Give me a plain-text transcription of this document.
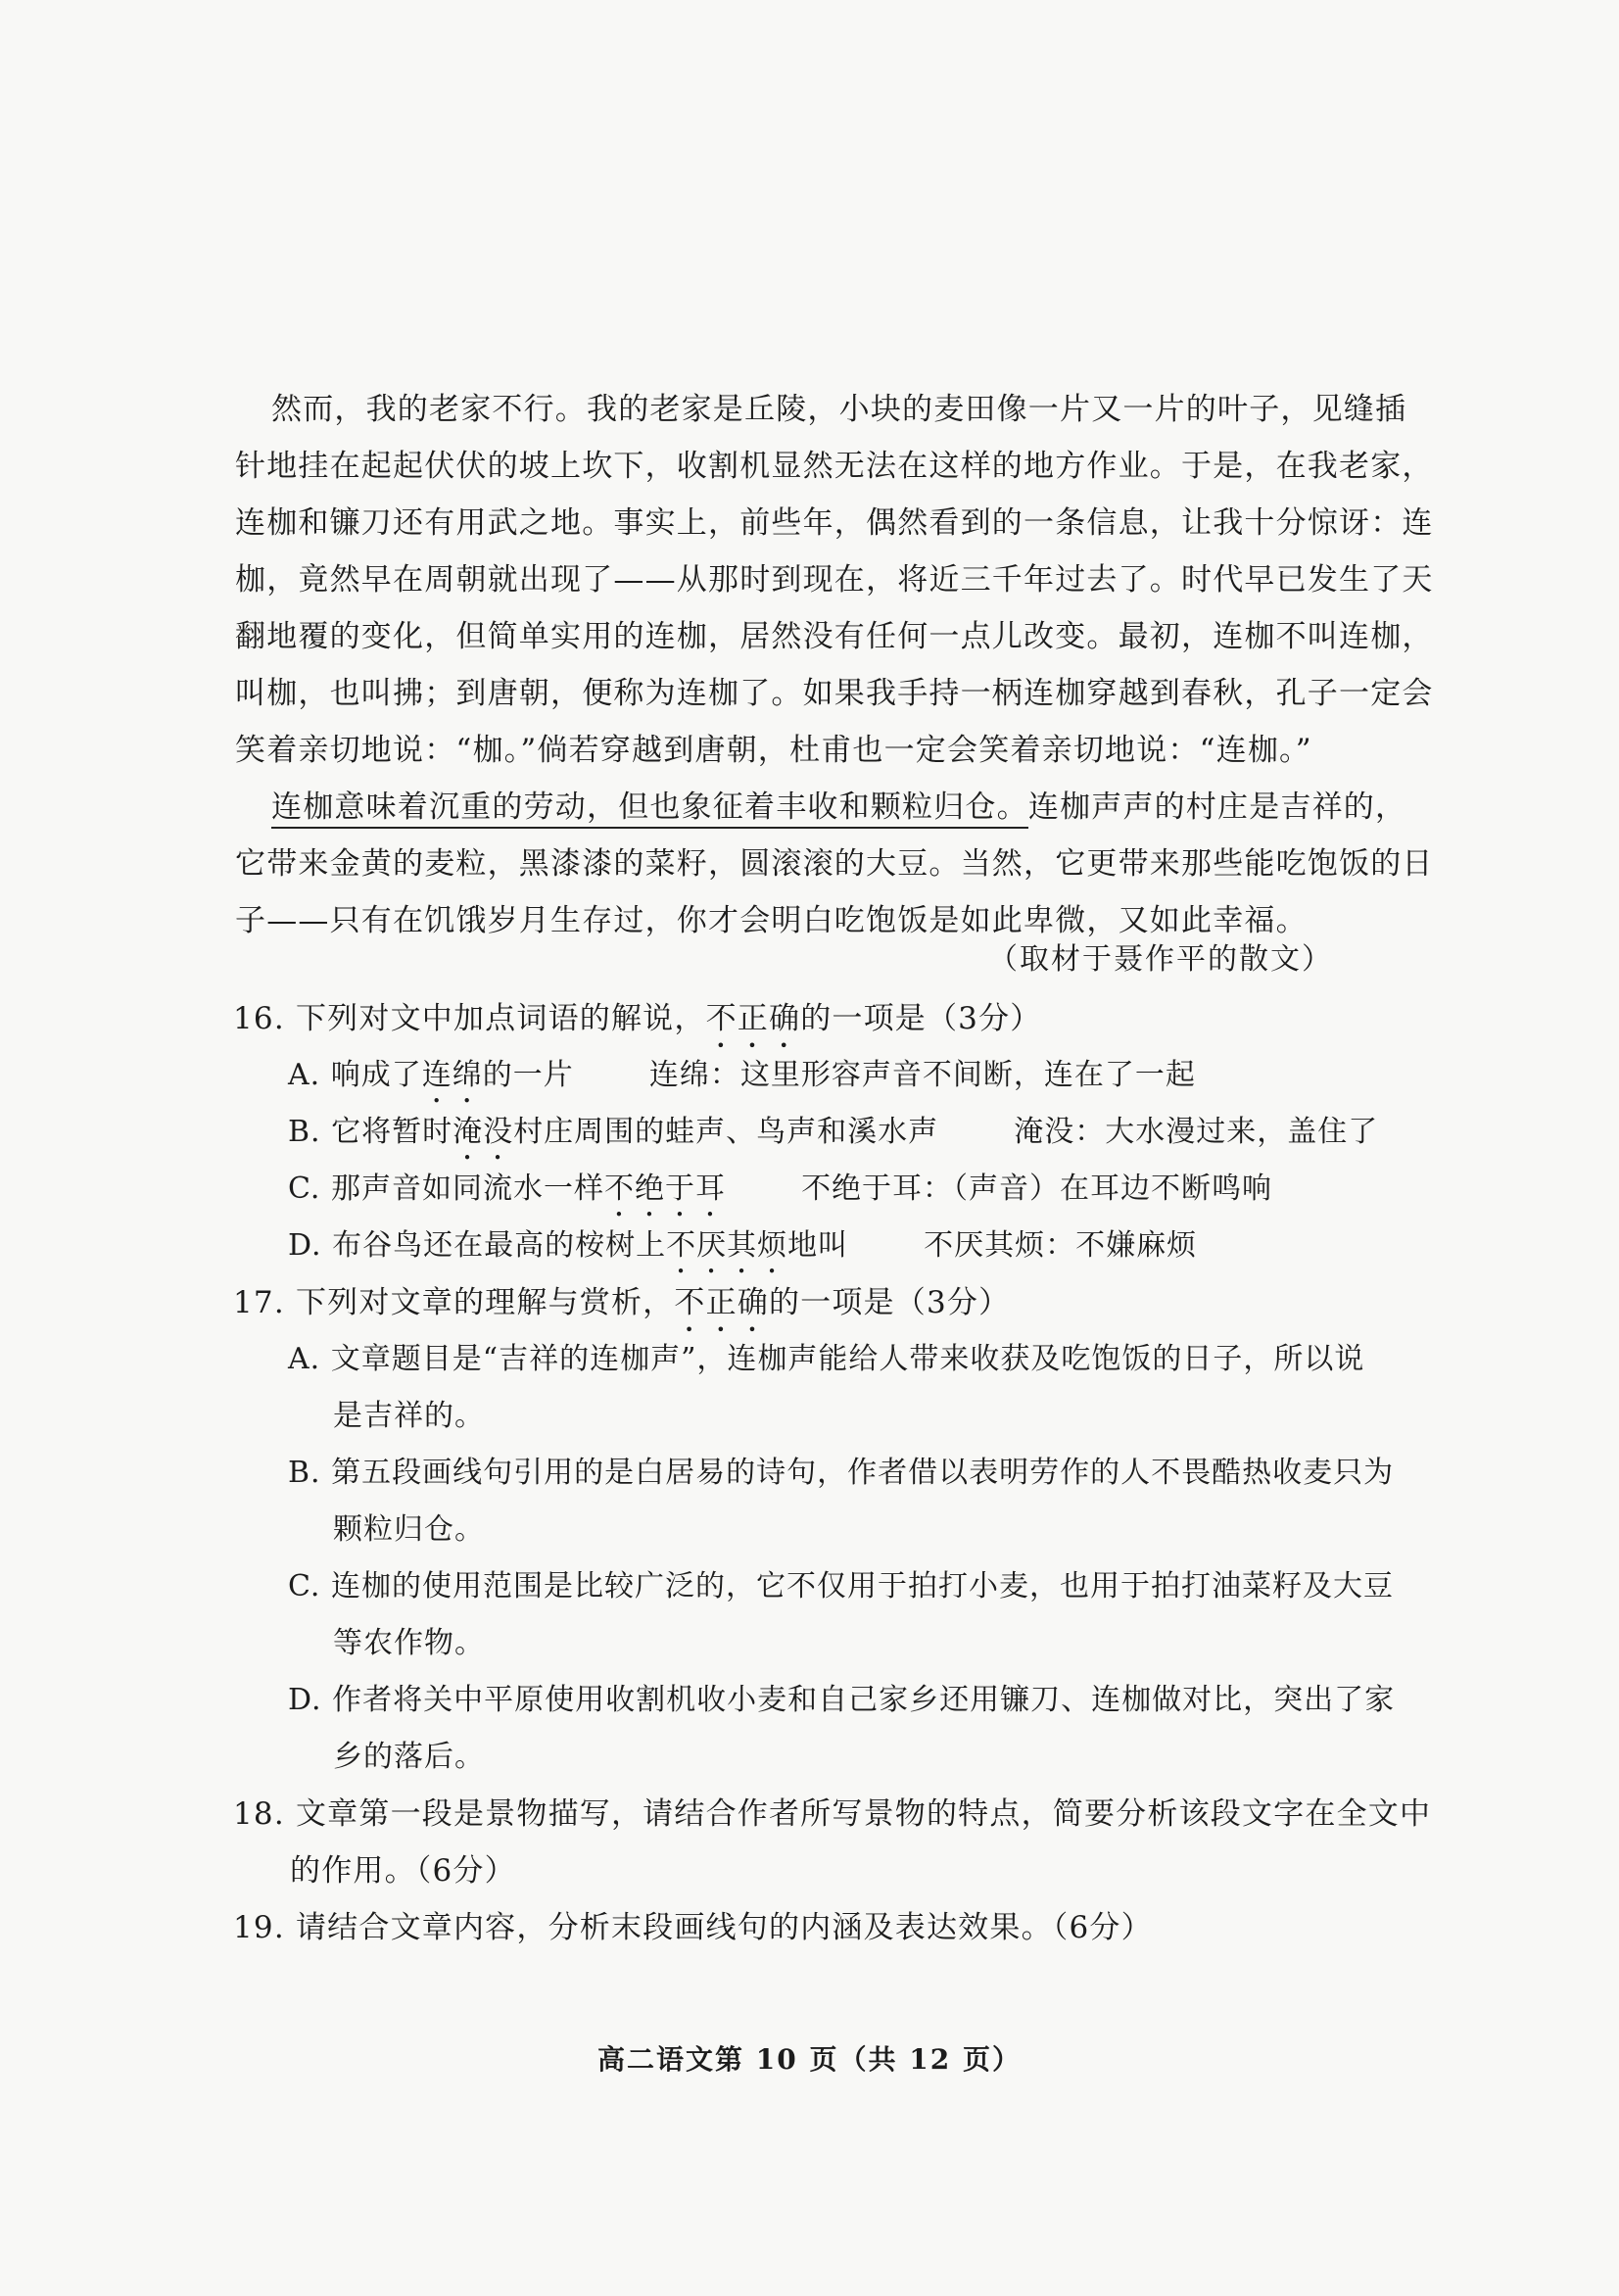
然而，我的老家不行。我的老家是丘陵，小块的麦田像一片又一片的叶子，见缝插
针地挂在起起伏伏的坡上坎下，收割机显然无法在这样的地方作业。于是，在我老家，
连枷和镰刀还有用武之地。事实上，前些年，偶然看到的一条信息，让我十分惊讶：连
枷，竟然早在周朝就出现了——从那时到现在，将近三千年过去了。时代早已发生了天
翻地覆的变化，但简单实用的连枷，居然没有任何一点儿改变。最初，连枷不叫连枷，
叫枷，也叫拂；到唐朝，便称为连枷了。如果我手持一柄连枷穿越到春秋，孔子一定会
笑着亲切地说：“枷。”倘若穿越到唐朝，杜甫也一定会笑着亲切地说：“连枷。”
连枷意味着沉重的劳动，但也象征着丰收和颗粒归仓。连枷声声的村庄是吉祥的，
它带来金黄的麦粒，黑漆漆的菜籽，圆滚滚的大豆。当然，它更带来那些能吃饱饭的日
子——只有在饥饿岁月生存过，你才会明白吃饱饭是如此卑微，又如此幸福。
（取材于聂作平的散文）
16. 下列对文中加点词语的解说，不正确的一项是（3分）
A. 响成了连绵的一片	连绵：这里形容声音不间断，连在了一起
B. 它将暂时淹没村庄周围的蛙声、鸟声和溪水声	淹没：大水漫过来，盖住了
C. 那声音如同流水一样不绝于耳	不绝于耳：（声音）在耳边不断鸣响
D. 布谷鸟还在最高的桉树上不厌其烦地叫	不厌其烦：不嫌麻烦
17. 下列对文章的理解与赏析，不正确的一项是（3分）
A. 文章题目是“吉祥的连枷声”，连枷声能给人带来收获及吃饱饭的日子，所以说
是吉祥的。
B. 第五段画线句引用的是白居易的诗句，作者借以表明劳作的人不畏酷热收麦只为
颗粒归仓。
C. 连枷的使用范围是比较广泛的，它不仅用于拍打小麦，也用于拍打油菜籽及大豆
等农作物。
D. 作者将关中平原使用收割机收小麦和自己家乡还用镰刀、连枷做对比，突出了家
乡的落后。
18. 文章第一段是景物描写，请结合作者所写景物的特点，简要分析该段文字在全文中
的作用。（6分）
19. 请结合文章内容，分析末段画线句的内涵及表达效果。（6分）
高二语文第 10 页（共 12 页）
